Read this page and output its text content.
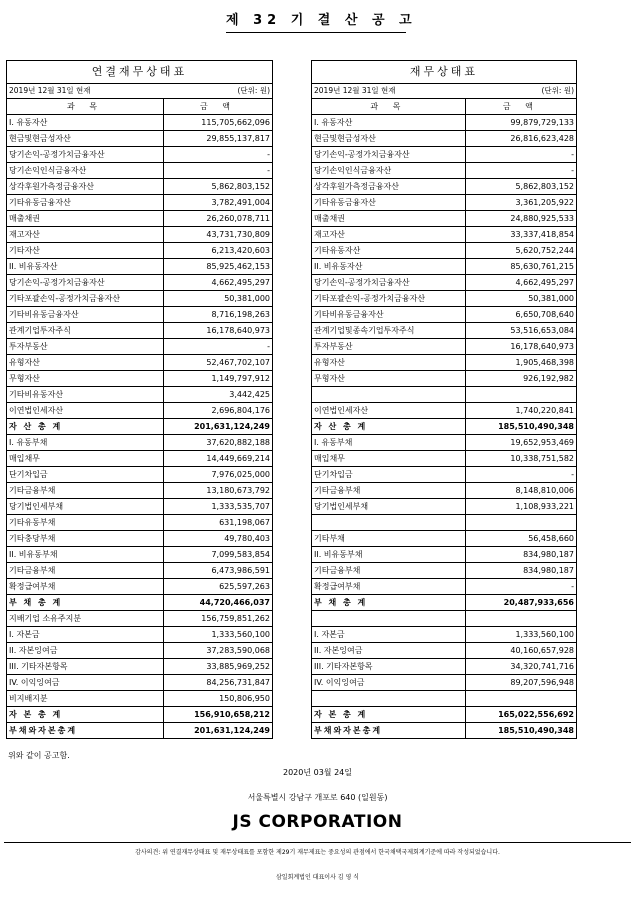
제 32 기 결 산 공 고
연결재무상태표
2019년 12월 31일 현재	(단위: 원)
과 목	금 액
I. 유동자산	115,705,662,096
현금및현금성자산	29,855,137,817
당기손익-공정가치금융자산	-
당기손익인식금융자산	-
상각후원가측정금융자산	5,862,803,152
기타유동금융자산	3,782,491,004
매출채권	26,260,078,711
재고자산	43,731,730,809
기타자산	6,213,420,603
II. 비유동자산	85,925,462,153
당기손익-공정가치금융자산	4,662,495,297
기타포괄손익-공정가치금융자산	50,381,000
기타비유동금융자산	8,716,198,263
관계기업투자주식	16,178,640,973
투자부동산	-
유형자산	52,467,702,107
무형자산	1,149,797,912
기타비유동자산	3,442,425
이연법인세자산	2,696,804,176
자 산 총 계	201,631,124,249
I. 유동부채	37,620,882,188
매입채무	14,449,669,214
단기차입금	7,976,025,000
기타금융부채	13,180,673,792
당기법인세부채	1,333,535,707
기타유동부채	631,198,067
기타충당부채	49,780,403
II. 비유동부채	7,099,583,854
기타금융부채	6,473,986,591
확정급여부채	625,597,263
부 채 총 계	44,720,466,037
지배기업 소유주지분	156,759,851,262
I. 자본금	1,333,560,100
II. 자본잉여금	37,283,590,068
III. 기타자본항목	33,885,969,252
IV. 이익잉여금	84,256,731,847
비지배지분	150,806,950
자 본 총 계	156,910,658,212
부채와자본총계	201,631,124,249
재무상태표
2019년 12월 31일 현재	(단위: 원)
과 목	금 액
I. 유동자산	99,879,729,133
현금및현금성자산	26,816,623,428
당기손익-공정가치금융자산	-
당기손익인식금융자산	-
상각후원가측정금융자산	5,862,803,152
기타유동금융자산	3,361,205,922
매출채권	24,880,925,533
재고자산	33,337,418,854
기타유동자산	5,620,752,244
II. 비유동자산	85,630,761,215
당기손익-공정가치금융자산	4,662,495,297
기타포괄손익-공정가치금융자산	50,381,000
기타비유동금융자산	6,650,708,640
관계기업및종속기업투자주식	53,516,653,084
투자부동산	16,178,640,973
유형자산	1,905,468,398
무형자산	926,192,982

이연법인세자산	1,740,220,841
자 산 총 계	185,510,490,348
I. 유동부채	19,652,953,469
매입채무	10,338,751,582
단기차입금	-
기타금융부채	8,148,810,006
당기법인세부채	1,108,933,221

기타부채	56,458,660
II. 비유동부채	834,980,187
기타금융부채	834,980,187
확정급여부채	-
부 채 총 계	20,487,933,656

I. 자본금	1,333,560,100
II. 자본잉여금	40,160,657,928
III. 기타자본항목	34,320,741,716
IV. 이익잉여금	89,207,596,948

자 본 총 계	165,022,556,692
부채와자본총계	185,510,490,348
위와 같이 공고함.
2020년 03월 24일
서울특별시 강남구 개포로 640 (일원동)
JS CORPORATION
감사의견: 위 연결재무상태표 및 재무상태표를 포함한 제29기 재무제표는 중요성의 관점에서 한국채택국제회계기준에 따라 작성되었습니다.
삼일회계법인 대표이사 김 영 식
